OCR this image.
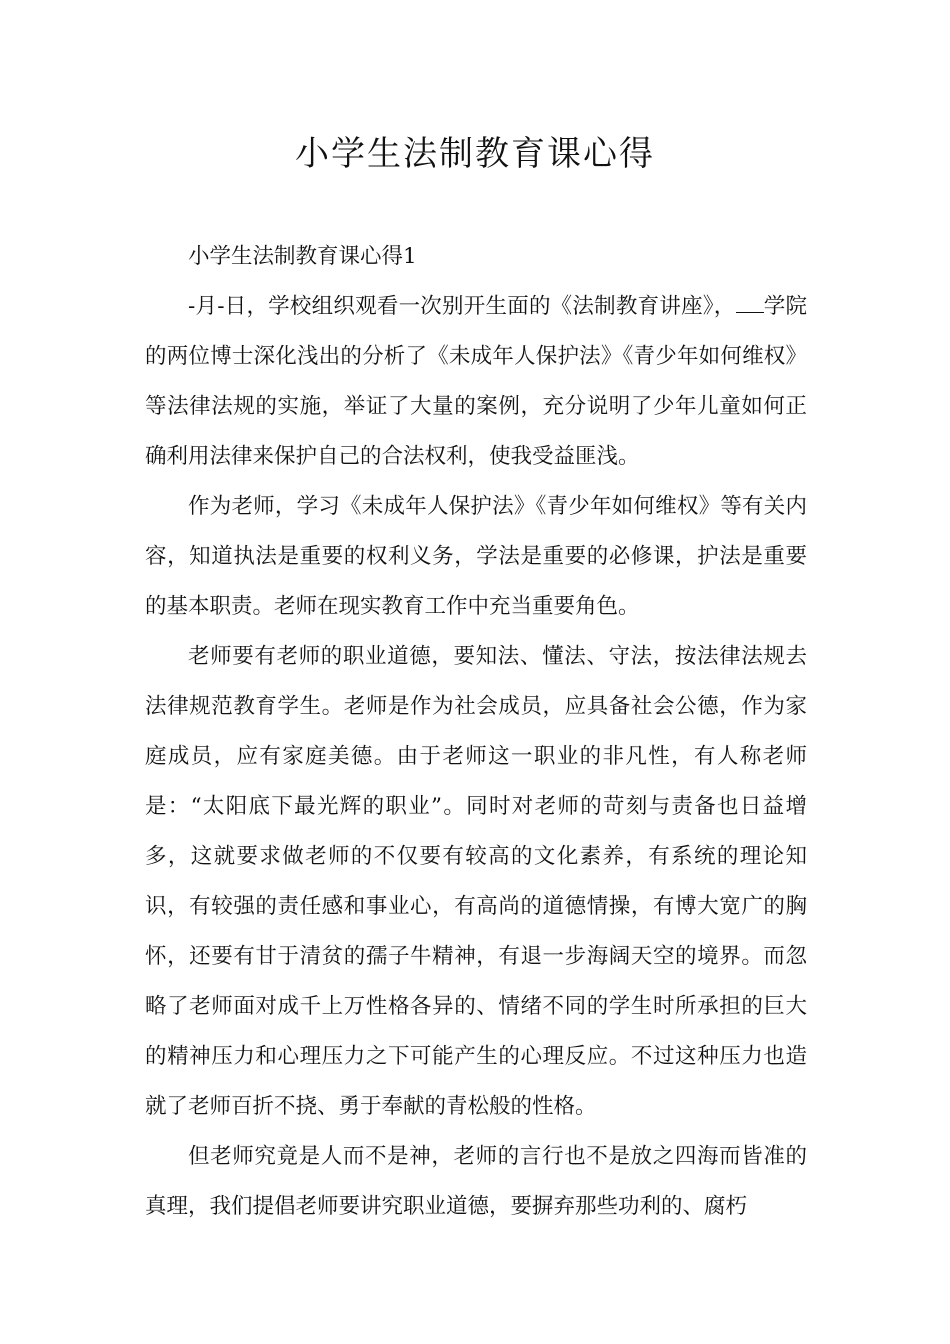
小学生法制教育课心得

小学生法制教育课心得1

-月-日，学校组织观看一次别开生面的《法制教育讲座》， 学院的两位博士深化浅出的分析了《未成年人保护法》《青少年如何维权》等法律法规的实施，举证了大量的案例，充分说明了少年儿童如何正确利用法律来保护自己的合法权利，使我受益匪浅。

作为老师，学习《未成年人保护法》《青少年如何维权》等有关内容，知道执法是重要的权利义务，学法是重要的必修课，护法是重要的基本职责。老师在现实教育工作中充当重要角色。

老师要有老师的职业道德，要知法、懂法、守法，按法律法规去法律规范教育学生。老师是作为社会成员，应具备社会公德，作为家庭成员，应有家庭美德。由于老师这一职业的非凡性，有人称老师是：“太阳底下最光辉的职业”。同时对老师的苛刻与责备也日益增多，这就要求做老师的不仅要有较高的文化素养，有系统的理论知识，有较强的责任感和事业心，有高尚的道德情操，有博大宽广的胸怀，还要有甘于清贫的孺子牛精神，有退一步海阔天空的境界。而忽略了老师面对成千上万性格各异的、情绪不同的学生时所承担的巨大的精神压力和心理压力之下可能产生的心理反应。不过这种压力也造就了老师百折不挠、勇于奉献的青松般的性格。

但老师究竟是人而不是神，老师的言行也不是放之四海而皆准的真理，我们提倡老师要讲究职业道德，要摒弃那些功利的、腐朽
